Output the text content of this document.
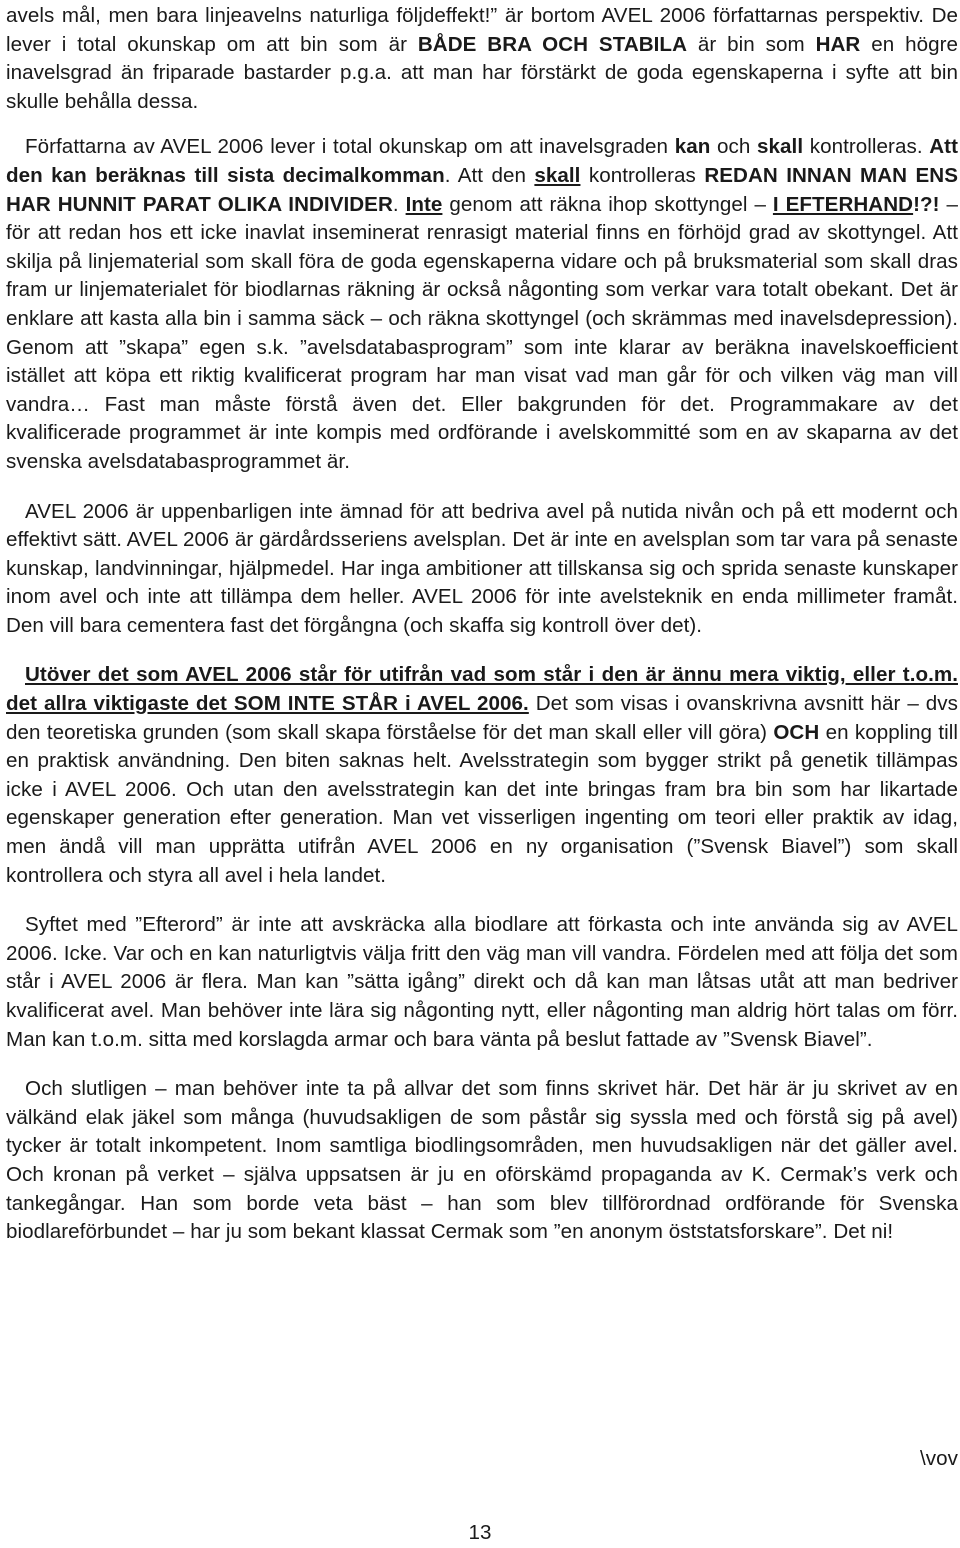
avels mål, men bara linjeavelns naturliga följdeffekt!” är bortom AVEL 2006 författarnas perspektiv. De lever i total okunskap om att bin som är BÅDE BRA OCH STABILA är bin som HAR en högre inavelsgrad än friparade bastarder p.g.a. att man har förstärkt de goda egenskaperna i syfte att bin skulle behålla dessa.

Författarna av AVEL 2006 lever i total okunskap om att inavelsgraden kan och skall kontrolleras. Att den kan beräknas till sista decimalkomman. Att den skall kontrolleras REDAN INNAN MAN ENS HAR HUNNIT PARAT OLIKA INDIVIDER. Inte genom att räkna ihop skottyngel – I EFTERHAND!?! – för att redan hos ett icke inavlat inseminerat renrasigt material finns en förhöjd grad av skottyngel. Att skilja på linjematerial som skall föra de goda egenskaperna vidare och på bruksmaterial som skall dras fram ur linjematerialet för biodlarnas räkning är också någonting som verkar vara totalt obekant. Det är enklare att kasta alla bin i samma säck – och räkna skottyngel (och skrämmas med inavelsdepression). Genom att ”skapa” egen s.k. ”avelsdatabasprogram” som inte klarar av beräkna inavelskoefficient istället att köpa ett riktig kvalificerat program har man visat vad man går för och vilken väg man vill vandra… Fast man måste förstå även det. Eller bakgrunden för det. Programmakare av det kvalificerade programmet är inte kompis med ordförande i avelskommitté som en av skaparna av det svenska avelsdatabasprogrammet är.

AVEL 2006 är uppenbarligen inte ämnad för att bedriva avel på nutida nivån och på ett modernt och effektivt sätt. AVEL 2006 är gärdårdsseriens avelsplan. Det är inte en avelsplan som tar vara på senaste kunskap, landvinningar, hjälpmedel. Har inga ambitioner att tillskansa sig och sprida senaste kunskaper inom avel och inte att tillämpa dem heller. AVEL 2006 för inte avelsteknik en enda millimeter framåt. Den vill bara cementera fast det förgångna (och skaffa sig kontroll över det).

Utöver det som AVEL 2006 står för utifrån vad som står i den är ännu mera viktig, eller t.o.m. det allra viktigaste det SOM INTE STÅR i AVEL 2006. Det som visas i ovanskrivna avsnitt här – dvs den teoretiska grunden (som skall skapa förståelse för det man skall eller vill göra) OCH en koppling till en praktisk användning. Den biten saknas helt. Avelsstrategin som bygger strikt på genetik tillämpas icke i AVEL 2006. Och utan den avelsstrategin kan det inte bringas fram bra bin som har likartade egenskaper generation efter generation. Man vet visserligen ingenting om teori eller praktik av idag, men ändå vill man upprätta utifrån AVEL 2006 en ny organisation (”Svensk Biavel”) som skall kontrollera och styra all avel i hela landet.

Syftet med ”Efterord” är inte att avskräcka alla biodlare att förkasta och inte använda sig av AVEL 2006. Icke. Var och en kan naturligtvis välja fritt den väg man vill vandra. Fördelen med att följa det som står i AVEL 2006 är flera. Man kan ”sätta igång” direkt och då kan man låtsas utåt att man bedriver kvalificerat avel. Man behöver inte lära sig någonting nytt, eller någonting man aldrig hört talas om förr. Man kan t.o.m. sitta med korslagda armar och bara vänta på beslut fattade av ”Svensk Biavel”.

Och slutligen – man behöver inte ta på allvar det som finns skrivet här. Det här är ju skrivet av en välkänd elak jäkel som många (huvudsakligen de som påstår sig syssla med och förstå sig på avel) tycker är totalt inkompetent. Inom samtliga biodlingsområden, men huvudsakligen när det gäller avel. Och kronan på verket – själva uppsatsen är ju en oförskämd propaganda av K. Cermak’s verk och tankegångar. Han som borde veta bäst – han som blev tillförordnad ordförande för Svenska biodlareförbundet – har ju som bekant klassat Cermak som ”en anonym öststatsforskare”. Det ni!

\vov
13
